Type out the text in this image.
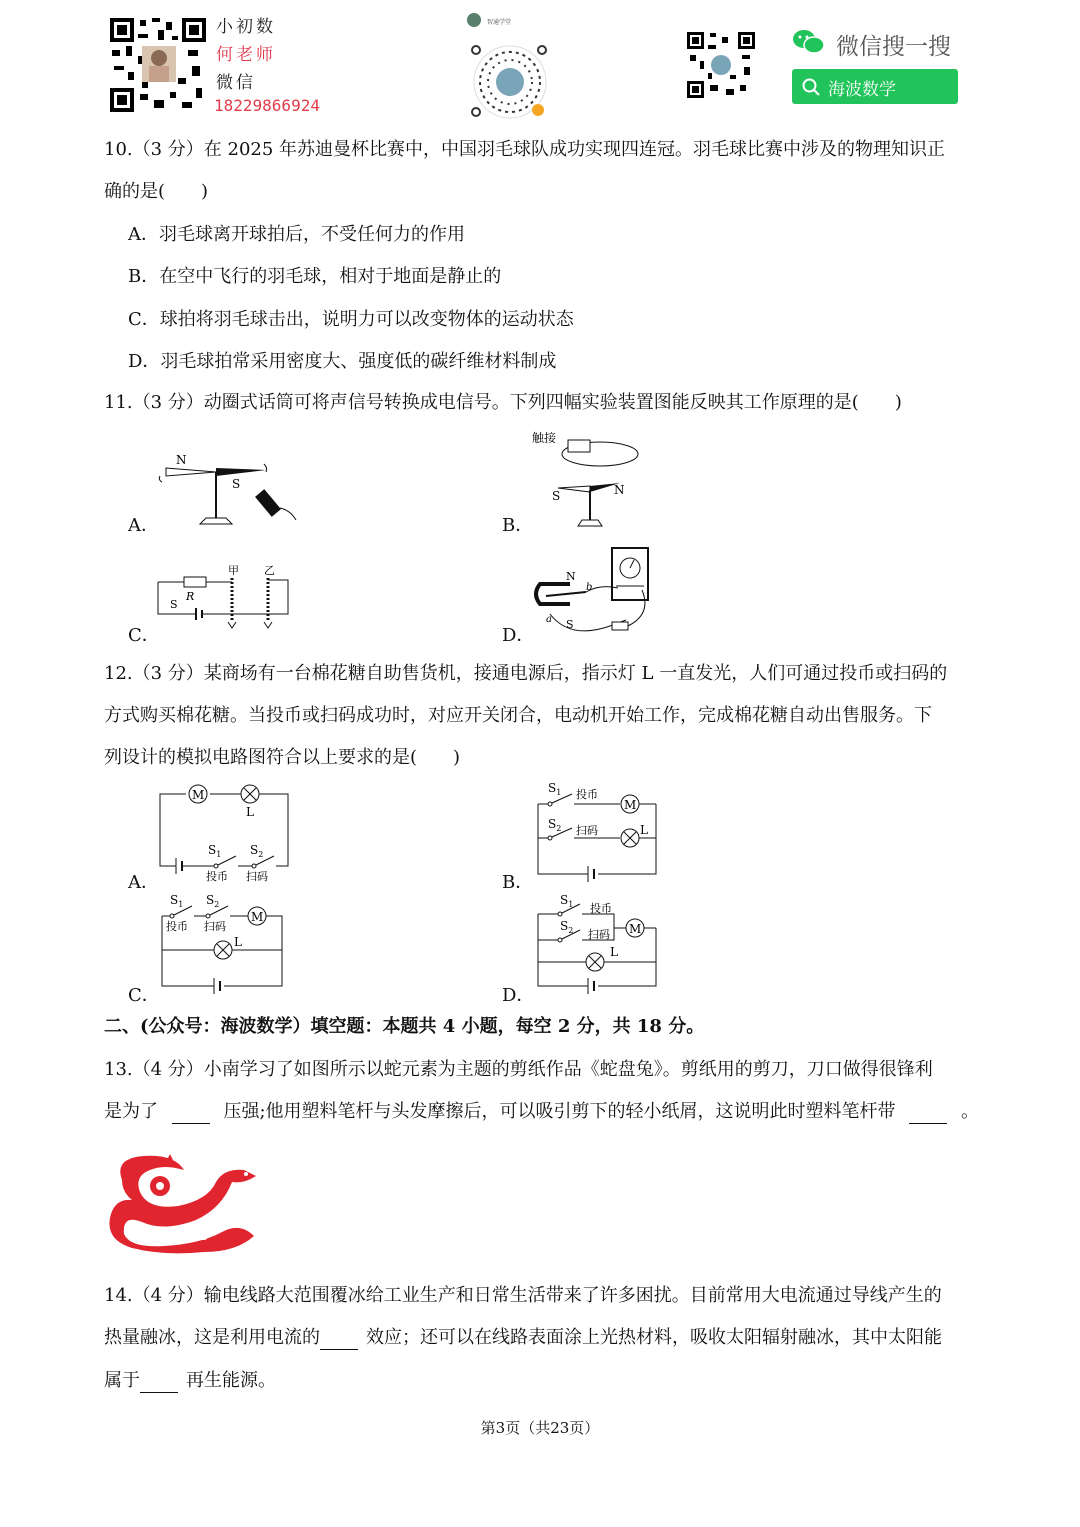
小初数
何老师
微信
18229866924
智通学堂
微信搜一搜
海波数学
10.（3 分）在 2025 年苏迪曼杯比赛中，中国羽毛球队成功实现四连冠。羽毛球比赛中涉及的物理知识正
确的是(　　)
A．羽毛球离开球拍后，不受任何力的作用
B．在空中飞行的羽毛球，相对于地面是静止的
C．球拍将羽毛球击出，说明力可以改变物体的运动状态
D．羽毛球拍常采用密度大、强度低的碳纤维材料制成
11.（3 分）动圈式话筒可将声信号转换成电信号。下列四幅实验装置图能反映其工作原理的是(　　)
A．
N
S
B．
触接
S	N
C．
R
S
甲 乙
D．
N
S
a
b
12.（3 分）某商场有一台棉花糖自助售货机，接通电源后，指示灯 L 一直发光，人们可通过投币或扫码的
方式购买棉花糖。当投币或扫码成功时，对应开关闭合，电动机开始工作，完成棉花糖自动出售服务。下
列设计的模拟电路图符合以上要求的是(　　)
A．
M
L
$S_1$ $S_2$
投币 扫码	B．
M
L
$S_1$
$S_2$
投币
扫码
C．
M
L
$S_1$ $S_2$
投币 扫码
D．
M
L
$S_1$
$S_2$
投币
扫码
二、(公众号：海波数学）填空题：本题共 4 小题，每空 2 分，共 18 分。
13.（4 分）小南学习了如图所示以蛇元素为主题的剪纸作品《蛇盘兔》。剪纸用的剪刀，刀口做得很锋利
是为了	压强;他用塑料笔杆与头发摩擦后，可以吸引剪下的轻小纸屑，这说明此时塑料笔杆带	。
14.（4 分）输电线路大范围覆冰给工业生产和日常生活带来了许多困扰。目前常用大电流通过导线产生的
热量融冰，这是利用电流的	效应；还可以在线路表面涂上光热材料，吸收太阳辐射融冰，其中太阳能
属于	再生能源。
第3页（共23页）
